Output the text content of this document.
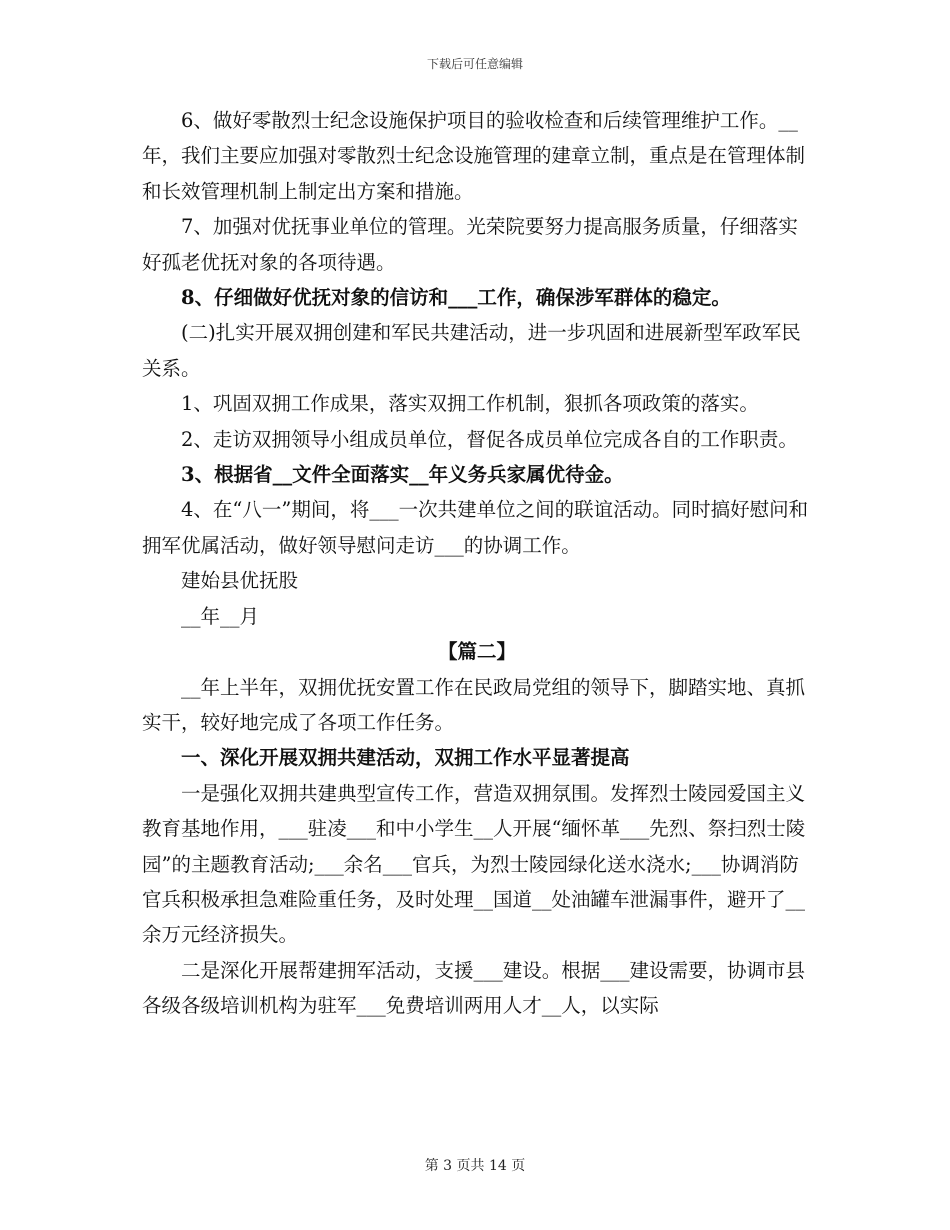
下载后可任意编辑

6、做好零散烈士纪念设施保护项目的验收检查和后续管理维护工作。__年，我们主要应加强对零散烈士纪念设施管理的建章立制，重点是在管理体制和长效管理机制上制定出方案和措施。

7、加强对优抚事业单位的管理。光荣院要努力提高服务质量，仔细落实好孤老优抚对象的各项待遇。

8、仔细做好优抚对象的信访和___工作，确保涉军群体的稳定。

(二)扎实开展双拥创建和军民共建活动，进一步巩固和进展新型军政军民关系。

1、巩固双拥工作成果，落实双拥工作机制，狠抓各项政策的落实。

2、走访双拥领导小组成员单位，督促各成员单位完成各自的工作职责。

3、根据省__文件全面落实__年义务兵家属优待金。

4、在“八一”期间，将___一次共建单位之间的联谊活动。同时搞好慰问和拥军优属活动，做好领导慰问走访___的协调工作。

建始县优抚股

__年__月

【篇二】

__年上半年，双拥优抚安置工作在民政局党组的领导下，脚踏实地、真抓实干，较好地完成了各项工作任务。

一、深化开展双拥共建活动，双拥工作水平显著提高

一是强化双拥共建典型宣传工作，营造双拥氛围。发挥烈士陵园爱国主义教育基地作用，___驻凌___和中小学生__人开展“缅怀革___先烈、祭扫烈士陵园”的主题教育活动;___余名___官兵，为烈士陵园绿化送水浇水;___协调消防官兵积极承担急难险重任务，及时处理__国道__处油罐车泄漏事件，避开了__余万元经济损失。

二是深化开展帮建拥军活动，支援___建设。根据___建设需要，协调市县各级各级培训机构为驻军___免费培训两用人才__人，以实际

第 3 页共 14 页
